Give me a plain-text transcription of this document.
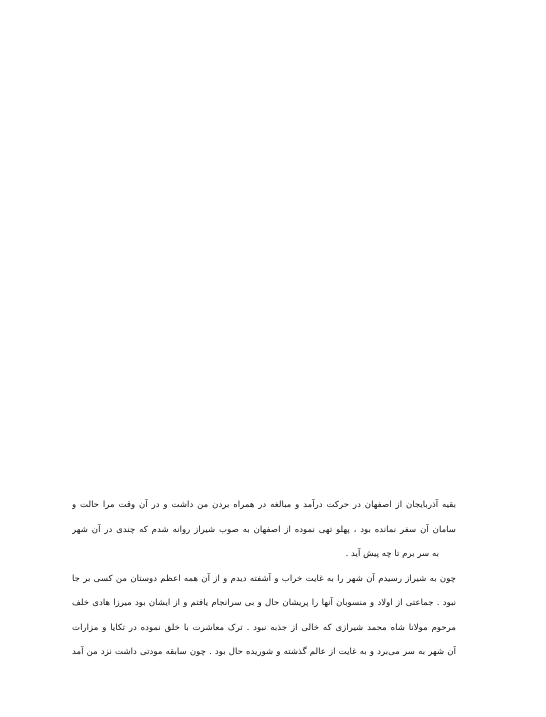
بقیه آذربایجان از اصفهان در حرکت درآمد و مبالغه در همراه بردن من داشت و در آن وقت مرا حالت و
سامان آن سفر نمانده بود ، پهلو تهی نموده از اصفهان به صوب شیراز روانه شدم که چندی در آن شهر
به سر برم تا چه پیش آید .
چون به شیراز رسیدم آن شهر را به غایت خراب و آشفته دیدم و از آن همه اعظم دوستان من کسی بر جا
نبود . جماعتی از اولاد و منسوبان آنها را پریشان حال و بی سرانجام یافتم و از ایشان بود میرزا هادی خلف
مرحوم مولانا شاه محمد شیرازی که خالی از جذبه نبود . ترک معاشرت با خلق نموده در تکایا و مزارات
آن شهر به سر می‌برد و به غایت از عالم گذشته و شوریده حال بود . چون سابقه مودتی داشت نزد من آمد
